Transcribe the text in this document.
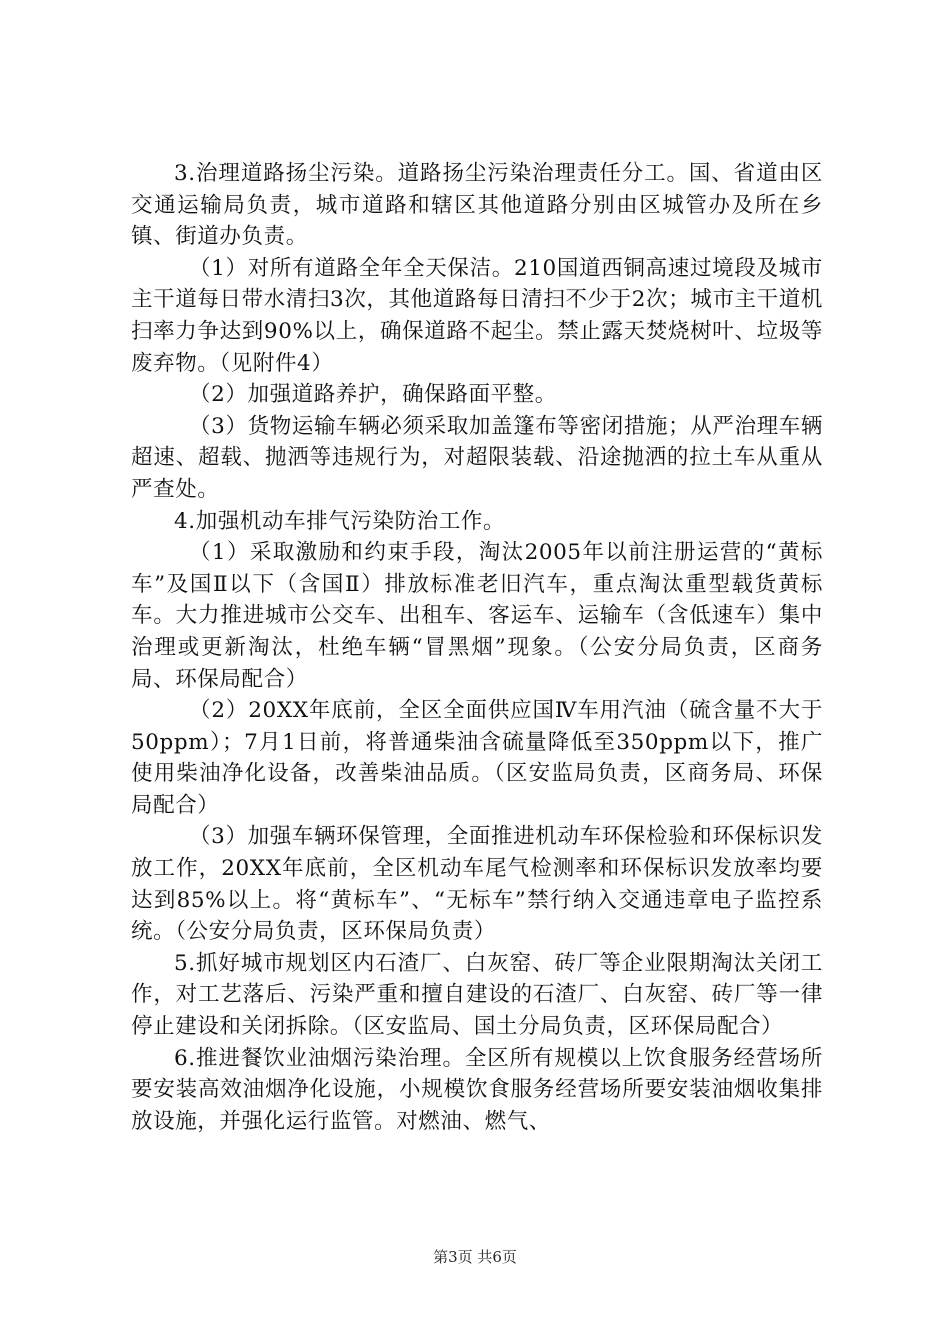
3.治理道路扬尘污染。道路扬尘污染治理责任分工。国、省道由区交通运输局负责，城市道路和辖区其他道路分别由区城管办及所在乡镇、街道办负责。

（1）对所有道路全年全天保洁。210国道西铜高速过境段及城市主干道每日带水清扫3次，其他道路每日清扫不少于2次；城市主干道机扫率力争达到90%以上，确保道路不起尘。禁止露天焚烧树叶、垃圾等废弃物。（见附件4）

（2）加强道路养护，确保路面平整。

（3）货物运输车辆必须采取加盖篷布等密闭措施；从严治理车辆超速、超载、抛洒等违规行为，对超限装载、沿途抛洒的拉土车从重从严查处。

4.加强机动车排气污染防治工作。

（1）采取激励和约束手段，淘汰2005年以前注册运营的“黄标车”及国Ⅱ以下（含国Ⅱ）排放标准老旧汽车，重点淘汰重型载货黄标车。大力推进城市公交车、出租车、客运车、运输车（含低速车）集中治理或更新淘汰，杜绝车辆“冒黑烟”现象。（公安分局负责，区商务局、环保局配合）

（2）20XX年底前，全区全面供应国Ⅳ车用汽油（硫含量不大于50ppm）；7月1日前，将普通柴油含硫量降低至350ppm以下，推广使用柴油净化设备，改善柴油品质。（区安监局负责，区商务局、环保局配合）

（3）加强车辆环保管理，全面推进机动车环保检验和环保标识发放工作，20XX年底前，全区机动车尾气检测率和环保标识发放率均要达到85%以上。将“黄标车”、“无标车”禁行纳入交通违章电子监控系统。（公安分局负责，区环保局负责）

5.抓好城市规划区内石渣厂、白灰窑、砖厂等企业限期淘汰关闭工作，对工艺落后、污染严重和擅自建设的石渣厂、白灰窑、砖厂等一律停止建设和关闭拆除。（区安监局、国土分局负责，区环保局配合）

6.推进餐饮业油烟污染治理。全区所有规模以上饮食服务经营场所要安装高效油烟净化设施，小规模饮食服务经营场所要安装油烟收集排放设施，并强化运行监管。对燃油、燃气、

第3页 共6页
